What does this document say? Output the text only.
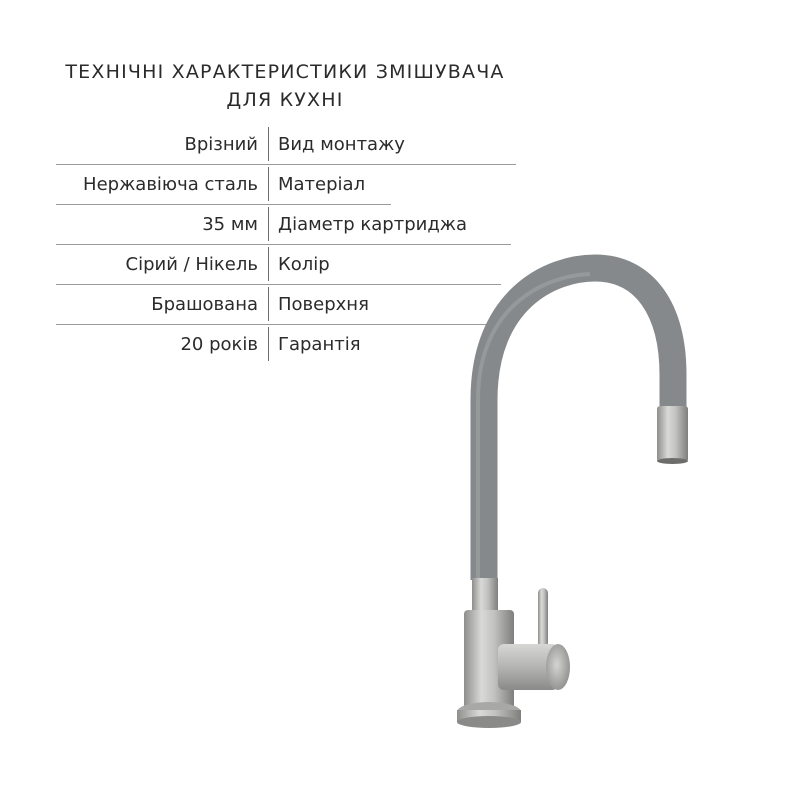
ТЕХНІЧНІ ХАРАКТЕРИСТИКИ ЗМІШУВАЧА
ДЛЯ КУХНІ
Врізний	Вид монтажу
Нержавіюча сталь	Матеріал
35 мм	Діаметр картриджа
Сірий / Нікель	Колір
Брашована	Поверхня
20 років	Гарантія
